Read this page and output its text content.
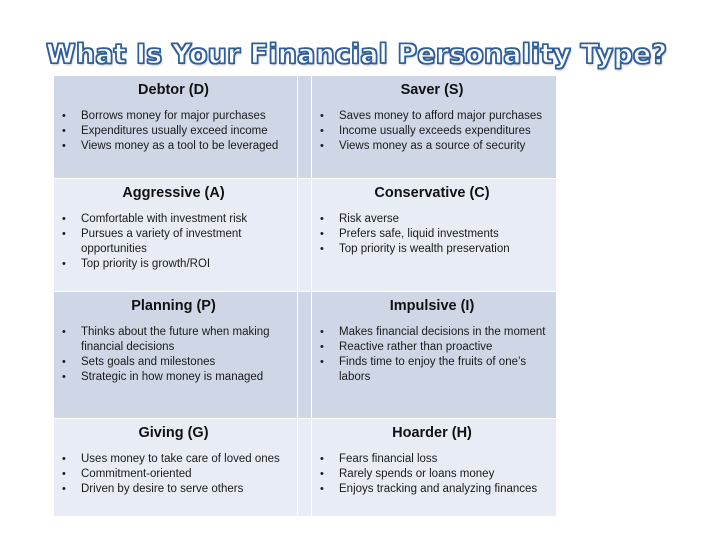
What Is Your Financial Personality Type?
Debtor (D)
• Borrows money for major purchases
• Expenditures usually exceed income
• Views money as a tool to be leveraged
Saver (S)
• Saves money to afford major purchases
• Income usually exceeds expenditures
• Views money as a source of security
Aggressive (A)
• Comfortable with investment risk
• Pursues a variety of investment opportunities
• Top priority is growth/ROI
Conservative (C)
• Risk averse
• Prefers safe, liquid investments
• Top priority is wealth preservation
Planning (P)
• Thinks about the future when making financial decisions
• Sets goals and milestones
• Strategic in how money is managed
Impulsive (I)
• Makes financial decisions in the moment
• Reactive rather than proactive
• Finds time to enjoy the fruits of one’s labors
Giving (G)
• Uses money to take care of loved ones
• Commitment-oriented
• Driven by desire to serve others
Hoarder (H)
• Fears financial loss
• Rarely spends or loans money
• Enjoys tracking and analyzing finances
